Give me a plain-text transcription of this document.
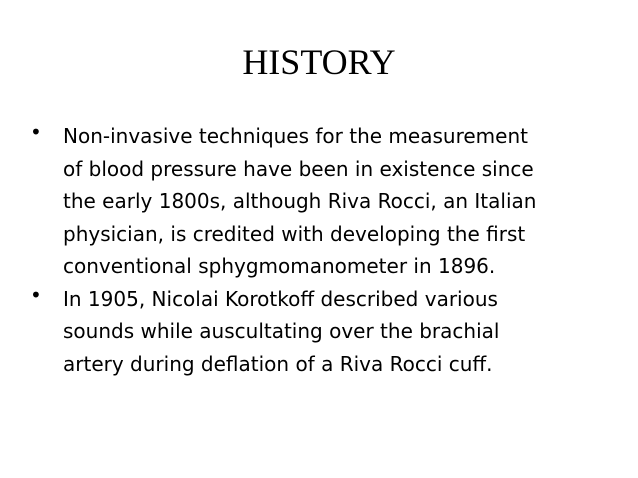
HISTORY
•	Non-invasive techniques for the measurement
of blood pressure have been in existence since
the early 1800s, although Riva Rocci, an Italian
physician, is credited with developing the first
conventional sphygmomanometer in 1896.
•	In 1905, Nicolai Korotkoff described various
sounds while auscultating over the brachial
artery during deflation of a Riva Rocci cuff.
